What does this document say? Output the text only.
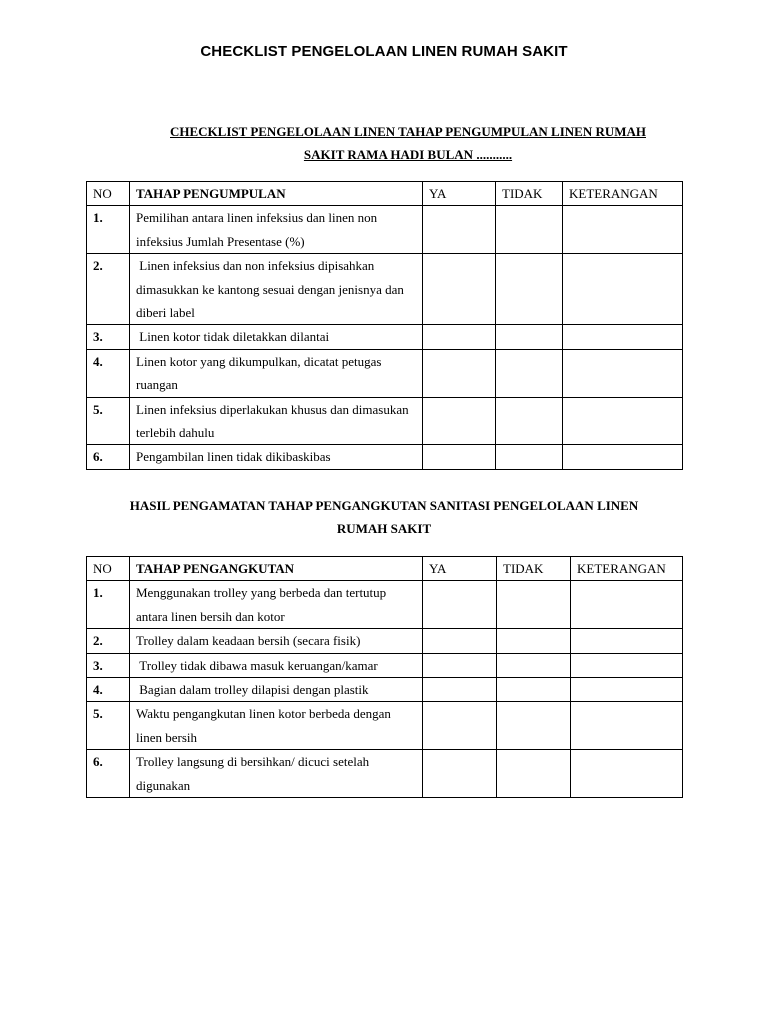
CHECKLIST PENGELOLAAN LINEN RUMAH SAKIT
CHECKLIST PENGELOLAAN LINEN TAHAP PENGUMPULAN LINEN RUMAH
SAKIT RAMA HADI BULAN ...........
NO	TAHAP PENGUMPULAN	YA	TIDAK	KETERANGAN
1.	Pemilihan antara linen infeksius dan linen non infeksius Jumlah Presentase (%)			
2.	Linen infeksius dan non infeksius dipisahkan dimasukkan ke kantong sesuai dengan jenisnya dan diberi label			
3.	Linen kotor tidak diletakkan dilantai			
4.	Linen kotor yang dikumpulkan, dicatat petugas ruangan			
5.	Linen infeksius diperlakukan khusus dan dimasukan terlebih dahulu			
6.	Pengambilan linen tidak dikibaskibas			
HASIL PENGAMATAN TAHAP PENGANGKUTAN SANITASI PENGELOLAAN LINEN
RUMAH SAKIT
NO	TAHAP PENGANGKUTAN	YA	TIDAK	KETERANGAN
1.	Menggunakan trolley yang berbeda dan tertutup antara linen bersih dan kotor			
2.	Trolley dalam keadaan bersih (secara fisik)			
3.	Trolley tidak dibawa masuk keruangan/kamar			
4.	Bagian dalam trolley dilapisi dengan plastik			
5.	Waktu pengangkutan linen kotor berbeda dengan linen bersih			
6.	Trolley langsung di bersihkan/ dicuci setelah digunakan			
